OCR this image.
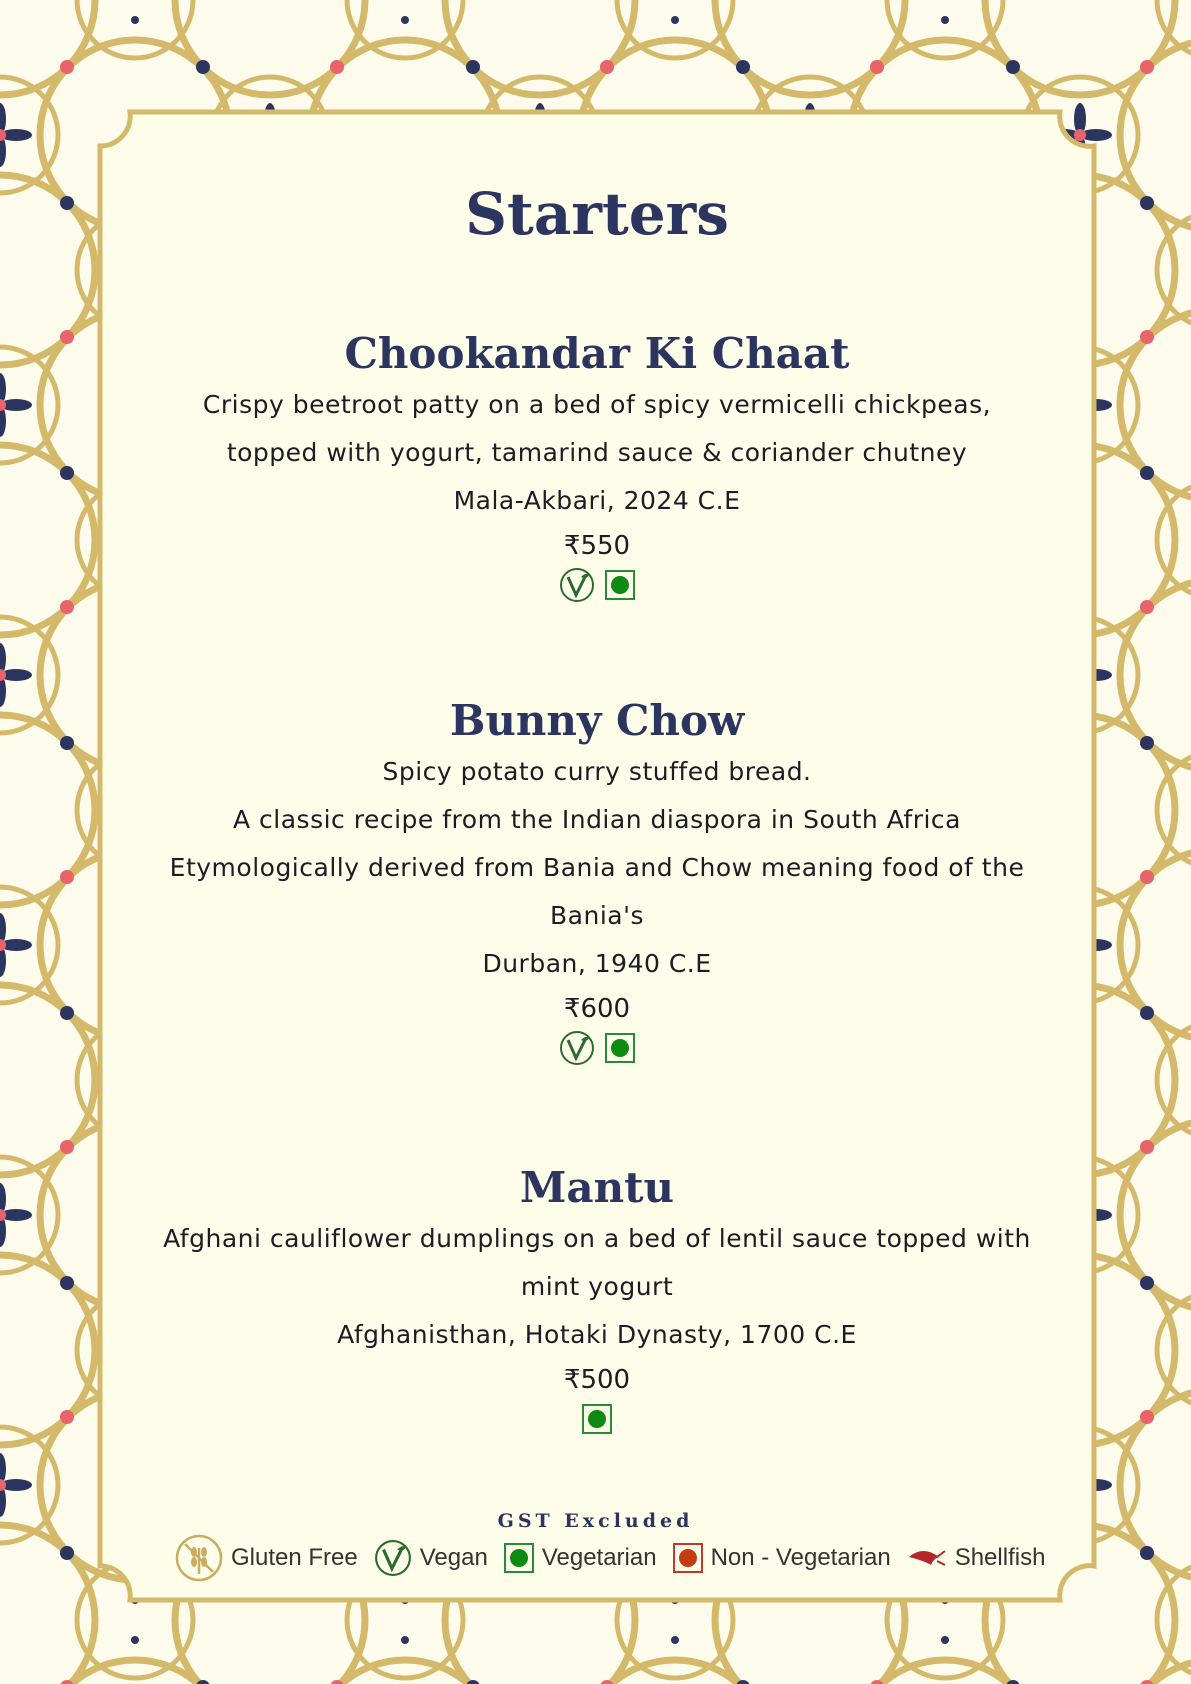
Starters
Chookandar Ki Chaat
Crispy beetroot patty on a bed of spicy vermicelli chickpeas,
topped with yogurt, tamarind sauce & coriander chutney
Mala-Akbari, 2024 C.E
₹550
Bunny Chow
Spicy potato curry stuffed bread.
A classic recipe from the Indian diaspora in South Africa
Etymologically derived from Bania and Chow meaning food of the
Bania's
Durban, 1940 C.E
₹600
Mantu
Afghani cauliflower dumplings on a bed of lentil sauce topped with
mint yogurt
Afghanisthan, Hotaki Dynasty, 1700 C.E
₹500
GST Excluded
Gluten Free	Vegan Vegetarian Non - Vegetarian	Shellfish
